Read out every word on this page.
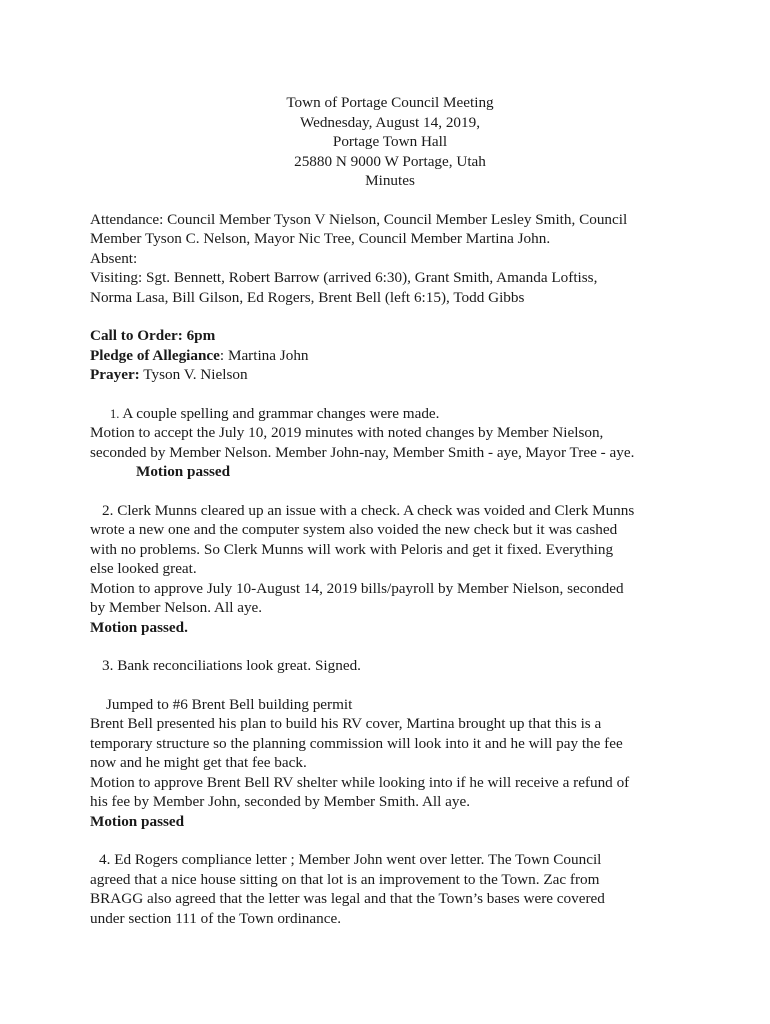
Town of Portage Council Meeting
Wednesday, August 14, 2019,
Portage Town Hall
25880 N 9000 W Portage, Utah
Minutes
Attendance: Council Member Tyson V Nielson, Council Member Lesley Smith, Council
Member Tyson C. Nelson, Mayor Nic Tree, Council Member Martina John.
Absent:
Visiting: Sgt. Bennett, Robert Barrow (arrived 6:30), Grant Smith, Amanda Loftiss,
Norma Lasa, Bill Gilson, Ed Rogers, Brent Bell (left 6:15), Todd Gibbs
Call to Order: 6pm
Pledge of Allegiance: Martina John
Prayer: Tyson V. Nielson
1. A couple spelling and grammar changes were made.
Motion to accept the July 10, 2019 minutes with noted changes by Member Nielson,
seconded by Member Nelson. Member John-nay, Member Smith - aye, Mayor Tree - aye.
Motion passed
2. Clerk Munns cleared up an issue with a check. A check was voided and Clerk Munns
wrote a new one and the computer system also voided the new check but it was cashed
with no problems. So Clerk Munns will work with Peloris and get it fixed. Everything
else looked great.
Motion to approve July 10-August 14, 2019 bills/payroll by Member Nielson, seconded
by Member Nelson. All aye.
Motion passed.
3. Bank reconciliations look great. Signed.
Jumped to #6 Brent Bell building permit
Brent Bell presented his plan to build his RV cover, Martina brought up that this is a
temporary structure so the planning commission will look into it and he will pay the fee
now and he might get that fee back.
Motion to approve Brent Bell RV shelter while looking into if he will receive a refund of
his fee by Member John, seconded by Member Smith. All aye.
Motion passed
4. Ed Rogers compliance letter ; Member John went over letter. The Town Council
agreed that a nice house sitting on that lot is an improvement to the Town. Zac from
BRAGG also agreed that the letter was legal and that the Town’s bases were covered
under section 111 of the Town ordinance.
